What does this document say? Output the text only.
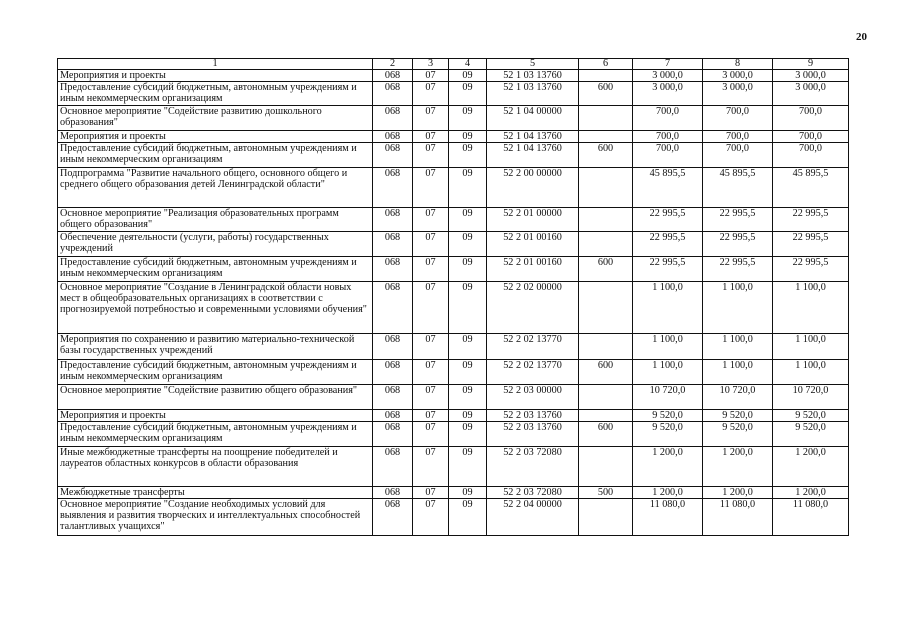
20
1	2	3	4	5	6	7	8	9
Мероприятия и проекты	068	07	09	52 1 03 13760		3 000,0	3 000,0	3 000,0
Предоставление субсидий бюджетным, автономным учреждениям и иным некоммерческим организациям	068	07	09	52 1 03 13760	600	3 000,0	3 000,0	3 000,0
Основное мероприятие "Содействие развитию дошкольного образования"	068	07	09	52 1 04 00000		700,0	700,0	700,0
Мероприятия и проекты	068	07	09	52 1 04 13760		700,0	700,0	700,0
Предоставление субсидий бюджетным, автономным учреждениям и иным некоммерческим организациям	068	07	09	52 1 04 13760	600	700,0	700,0	700,0
Подпрограмма "Развитие начального общего, основного общего и среднего общего образования детей Ленинградской области"	068	07	09	52 2 00 00000		45 895,5	45 895,5	45 895,5
Основное мероприятие "Реализация образовательных программ общего образования"	068	07	09	52 2 01 00000		22 995,5	22 995,5	22 995,5
Обеспечение деятельности (услуги, работы) государственных учреждений	068	07	09	52 2 01 00160		22 995,5	22 995,5	22 995,5
Предоставление субсидий бюджетным, автономным учреждениям и иным некоммерческим организациям	068	07	09	52 2 01 00160	600	22 995,5	22 995,5	22 995,5
Основное мероприятие "Создание в Ленинградской области новых мест в общеобразовательных организациях в соответствии с прогнозируемой потребностью и современными условиями обучения"	068	07	09	52 2 02 00000		1 100,0	1 100,0	1 100,0
Мероприятия по сохранению и развитию материально-технической базы государственных учреждений	068	07	09	52 2 02 13770		1 100,0	1 100,0	1 100,0
Предоставление субсидий бюджетным, автономным учреждениям и иным некоммерческим организациям	068	07	09	52 2 02 13770	600	1 100,0	1 100,0	1 100,0
Основное мероприятие "Содействие развитию общего образования"	068	07	09	52 2 03 00000		10 720,0	10 720,0	10 720,0
Мероприятия и проекты	068	07	09	52 2 03 13760		9 520,0	9 520,0	9 520,0
Предоставление субсидий бюджетным, автономным учреждениям и иным некоммерческим организациям	068	07	09	52 2 03 13760	600	9 520,0	9 520,0	9 520,0
Иные межбюджетные трансферты на поощрение победителей и лауреатов областных конкурсов в области образования	068	07	09	52 2 03 72080		1 200,0	1 200,0	1 200,0
Межбюджетные трансферты	068	07	09	52 2 03 72080	500	1 200,0	1 200,0	1 200,0
Основное мероприятие "Создание необходимых условий для выявления и развития творческих и интеллектуальных способностей талантливых учащихся"	068	07	09	52 2 04 00000		11 080,0	11 080,0	11 080,0
